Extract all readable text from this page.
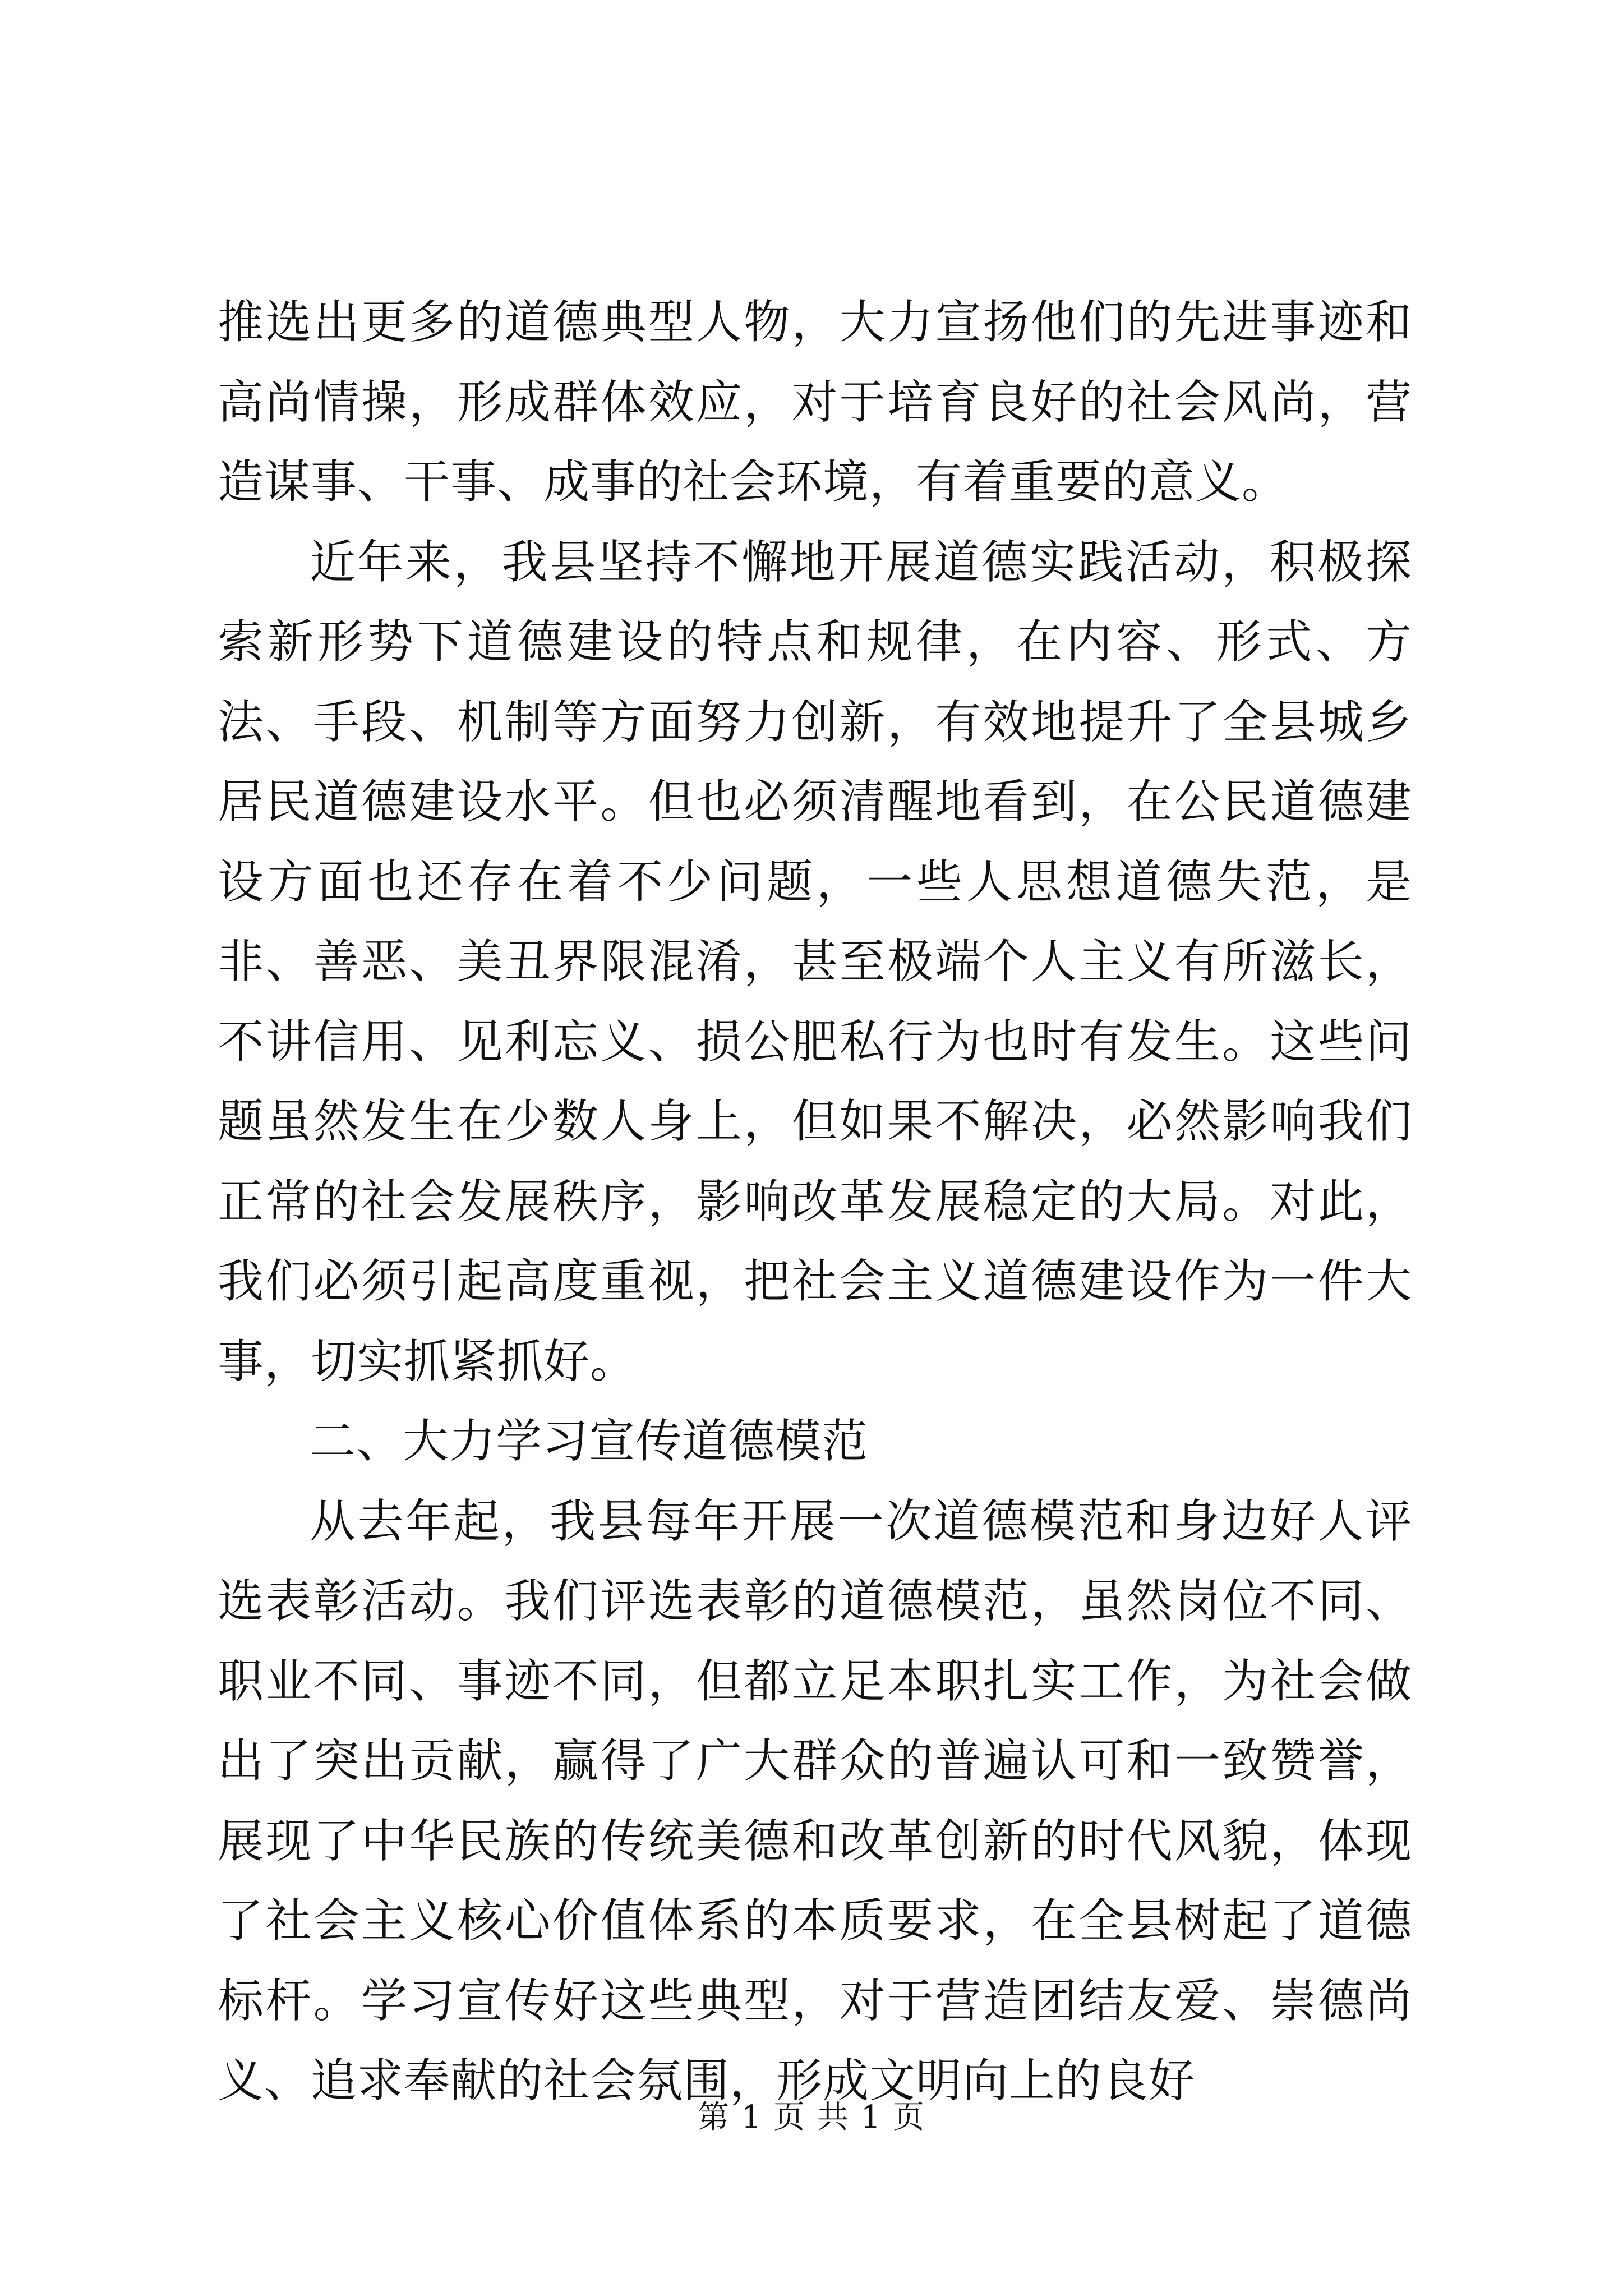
推选出更多的道德典型人物，大力宣扬他们的先进事迹和高尚情操，形成群体效应，对于培育良好的社会风尚，营造谋事、干事、成事的社会环境，有着重要的意义。

近年来，我县坚持不懈地开展道德实践活动，积极探索新形势下道德建设的特点和规律，在内容、形式、方法、手段、机制等方面努力创新，有效地提升了全县城乡居民道德建设水平。但也必须清醒地看到，在公民道德建设方面也还存在着不少问题，一些人思想道德失范，是非、善恶、美丑界限混淆，甚至极端个人主义有所滋长，不讲信用、见利忘义、损公肥私行为也时有发生。这些问题虽然发生在少数人身上，但如果不解决，必然影响我们正常的社会发展秩序，影响改革发展稳定的大局。对此，我们必须引起高度重视，把社会主义道德建设作为一件大事，切实抓紧抓好。

二、大力学习宣传道德模范

从去年起，我县每年开展一次道德模范和身边好人评选表彰活动。我们评选表彰的道德模范，虽然岗位不同、职业不同、事迹不同，但都立足本职扎实工作，为社会做出了突出贡献，赢得了广大群众的普遍认可和一致赞誉，展现了中华民族的传统美德和改革创新的时代风貌，体现了社会主义核心价值体系的本质要求，在全县树起了道德标杆。学习宣传好这些典型，对于营造团结友爱、崇德尚义、追求奉献的社会氛围，形成文明向上的良好

第 1 页 共 1 页
